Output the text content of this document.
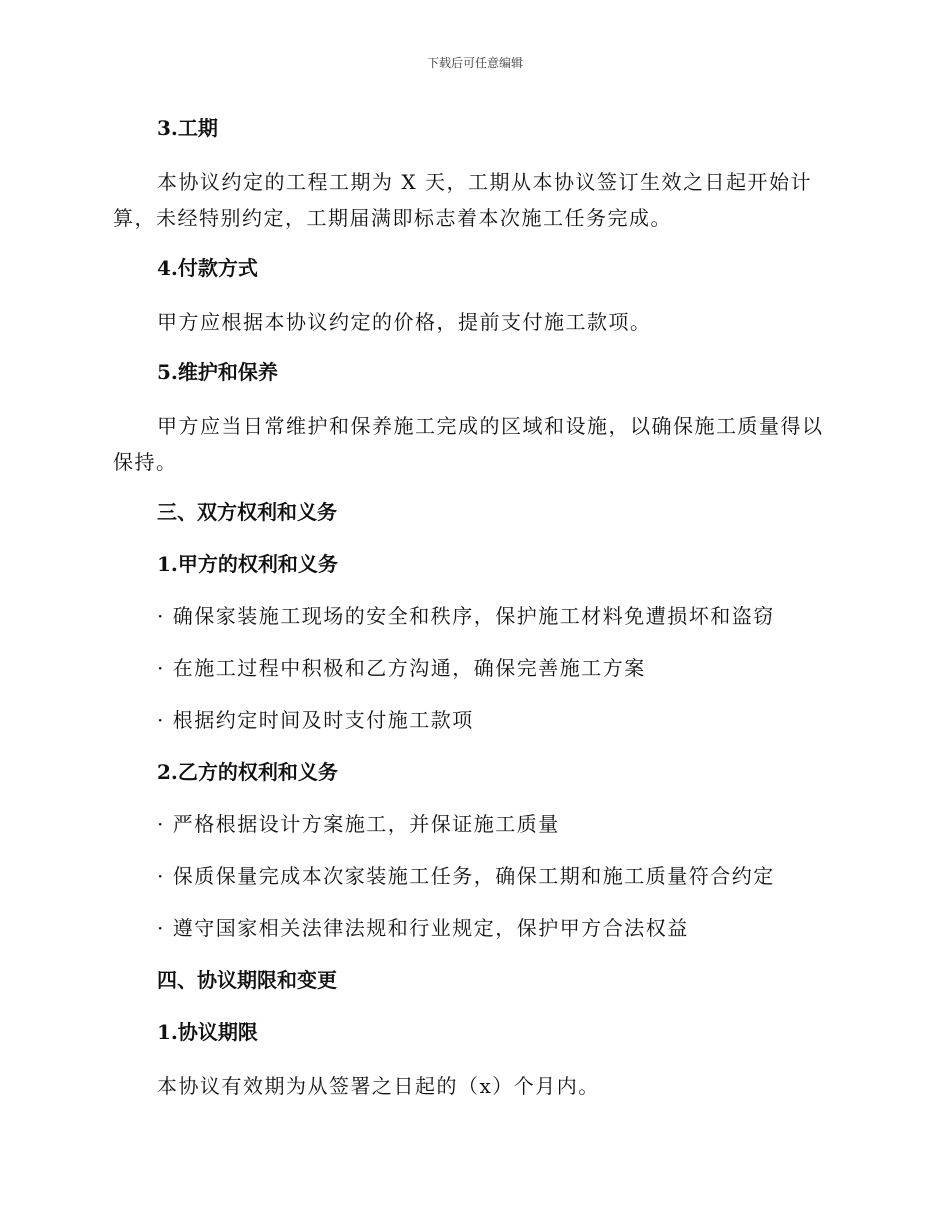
下载后可任意编辑
3.工期
本协议约定的工程工期为 X 天，工期从本协议签订生效之日起开始计算，未经特别约定，工期届满即标志着本次施工任务完成。
4.付款方式
甲方应根据本协议约定的价格，提前支付施工款项。
5.维护和保养
甲方应当日常维护和保养施工完成的区域和设施，以确保施工质量得以保持。
三、双方权利和义务
1.甲方的权利和义务
· 确保家装施工现场的安全和秩序，保护施工材料免遭损坏和盗窃
· 在施工过程中积极和乙方沟通，确保完善施工方案
· 根据约定时间及时支付施工款项
2.乙方的权利和义务
· 严格根据设计方案施工，并保证施工质量
· 保质保量完成本次家装施工任务，确保工期和施工质量符合约定
· 遵守国家相关法律法规和行业规定，保护甲方合法权益
四、协议期限和变更
1.协议期限
本协议有效期为从签署之日起的（x）个月内。
